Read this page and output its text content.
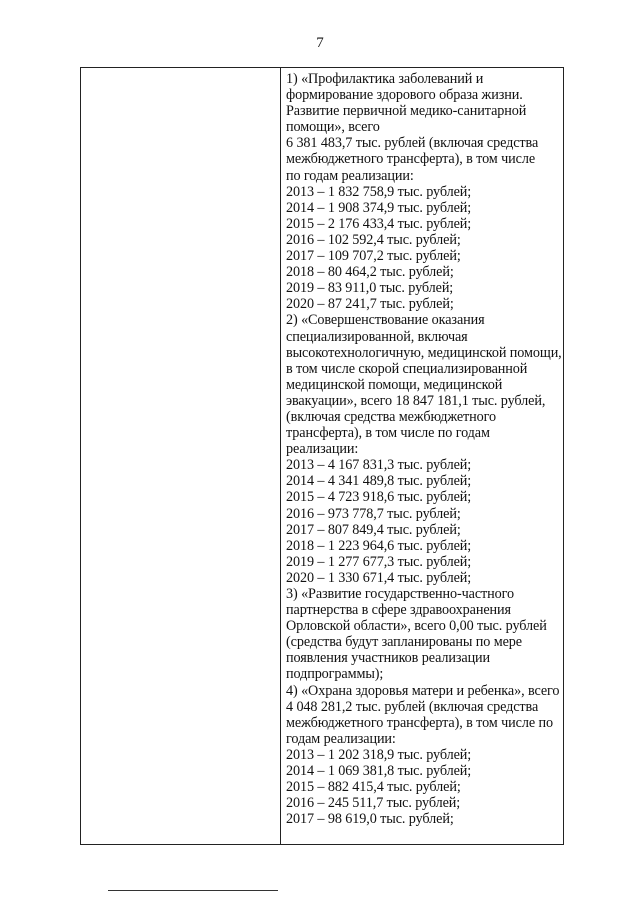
7
1) «Профилактика заболеваний и
формирование здорового образа жизни.
Развитие первичной медико-санитарной
помощи», всего
6 381 483,7 тыс. рублей (включая средства
межбюджетного трансферта), в том числе
по годам реализации:
2013 – 1 832 758,9 тыс. рублей;
2014 – 1 908 374,9 тыс. рублей;
2015 – 2 176 433,4 тыс. рублей;
2016 – 102 592,4 тыс. рублей;
2017 – 109 707,2 тыс. рублей;
2018 – 80 464,2 тыс. рублей;
2019 – 83 911,0 тыс. рублей;
2020 – 87 241,7 тыс. рублей;
2) «Совершенствование оказания
специализированной, включая
высокотехнологичную, медицинской помощи,
в том числе скорой специализированной
медицинской помощи, медицинской
эвакуации», всего 18 847 181,1 тыс. рублей,
(включая средства межбюджетного
трансферта), в том числе по годам
реализации:
2013 – 4 167 831,3 тыс. рублей;
2014 – 4 341 489,8 тыс. рублей;
2015 – 4 723 918,6 тыс. рублей;
2016 – 973 778,7 тыс. рублей;
2017 – 807 849,4 тыс. рублей;
2018 – 1 223 964,6 тыс. рублей;
2019 – 1 277 677,3 тыс. рублей;
2020 – 1 330 671,4 тыс. рублей;
3) «Развитие государственно-частного
партнерства в сфере здравоохранения
Орловской области», всего 0,00 тыс. рублей
(средства будут запланированы по мере
появления участников реализации
подпрограммы);
4) «Охрана здоровья матери и ребенка», всего
4 048 281,2 тыс. рублей (включая средства
межбюджетного трансферта), в том числе по
годам реализации:
2013 – 1 202 318,9 тыс. рублей;
2014 – 1 069 381,8 тыс. рублей;
2015 – 882 415,4 тыс. рублей;
2016 – 245 511,7 тыс. рублей;
2017 – 98 619,0 тыс. рублей;
